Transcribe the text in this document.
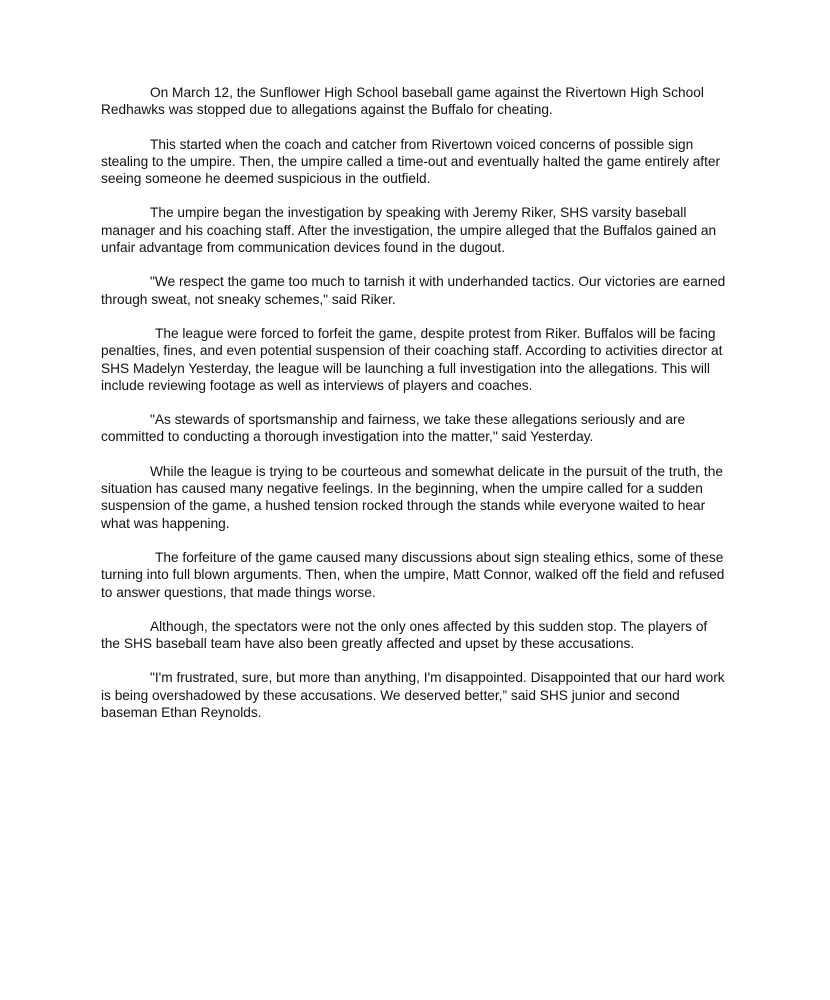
On March 12, the Sunflower High School baseball game against the Rivertown High School Redhawks was stopped due to allegations against the Buffalo for cheating.

This started when the coach and catcher from Rivertown voiced concerns of possible sign stealing to the umpire. Then, the umpire called a time-out and eventually halted the game entirely after seeing someone he deemed suspicious in the outfield.

The umpire began the investigation by speaking with Jeremy Riker, SHS varsity baseball manager and his coaching staff. After the investigation, the umpire alleged that the Buffalos gained an unfair advantage from communication devices found in the dugout.

"We respect the game too much to tarnish it with underhanded tactics. Our victories are earned through sweat, not sneaky schemes," said Riker.

The league were forced to forfeit the game, despite protest from Riker. Buffalos will be facing penalties, fines, and even potential suspension of their coaching staff. According to activities director at SHS Madelyn Yesterday, the league will be launching a full investigation into the allegations. This will include reviewing footage as well as interviews of players and coaches.

"As stewards of sportsmanship and fairness, we take these allegations seriously and are committed to conducting a thorough investigation into the matter," said Yesterday.

While the league is trying to be courteous and somewhat delicate in the pursuit of the truth, the situation has caused many negative feelings. In the beginning, when the umpire called for a sudden suspension of the game, a hushed tension rocked through the stands while everyone waited to hear what was happening.

The forfeiture of the game caused many discussions about sign stealing ethics, some of these turning into full blown arguments. Then, when the umpire, Matt Connor, walked off the field and refused to answer questions, that made things worse.

Although, the spectators were not the only ones affected by this sudden stop. The players of the SHS baseball team have also been greatly affected and upset by these accusations.

"I'm frustrated, sure, but more than anything, I'm disappointed. Disappointed that our hard work is being overshadowed by these accusations. We deserved better,” said SHS junior and second baseman Ethan Reynolds.
